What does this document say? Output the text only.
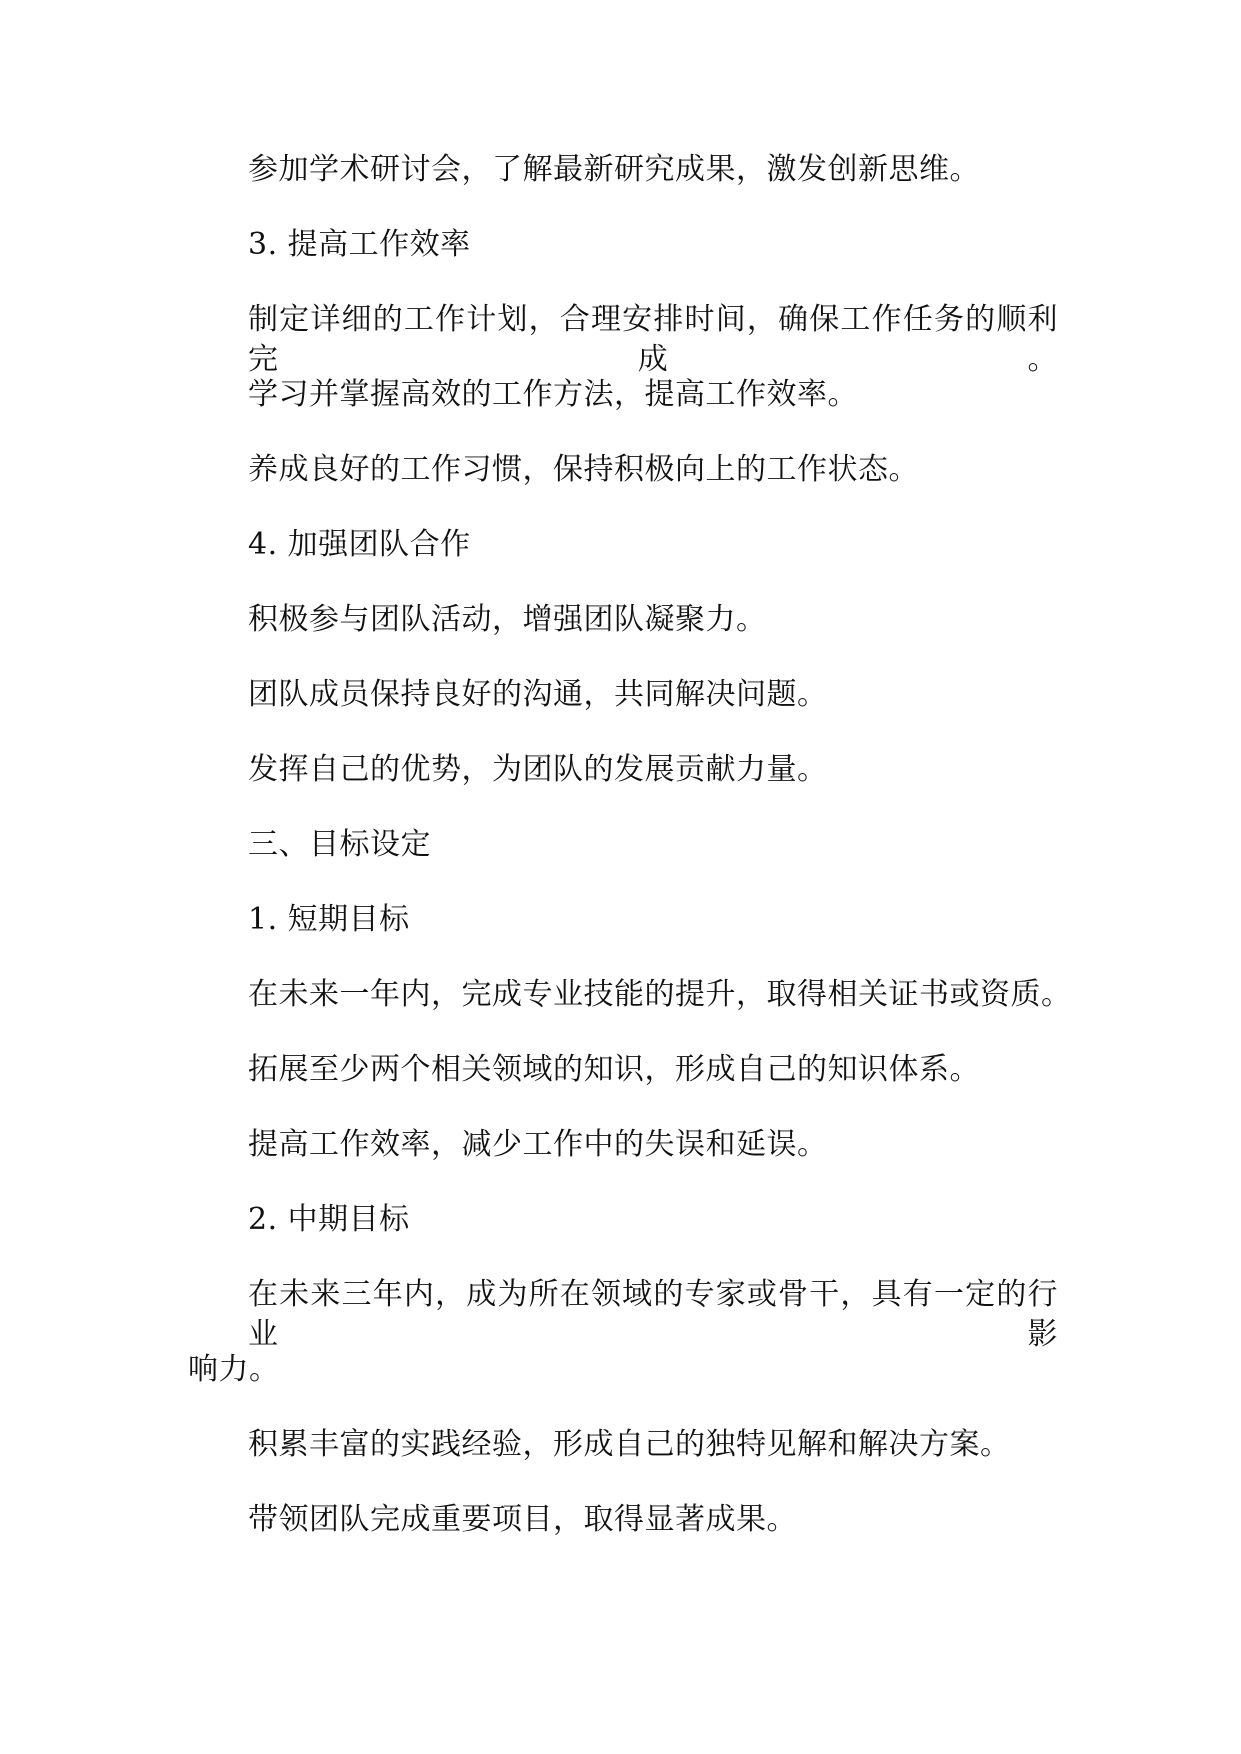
参加学术研讨会，了解最新研究成果，激发创新思维。
3. 提高工作效率
制定详细的工作计划，合理安排时间，确保工作任务的顺利完成。
学习并掌握高效的工作方法，提高工作效率。
养成良好的工作习惯，保持积极向上的工作状态。
4. 加强团队合作
积极参与团队活动，增强团队凝聚力。
团队成员保持良好的沟通，共同解决问题。
发挥自己的优势，为团队的发展贡献力量。
三、目标设定
1. 短期目标
在未来一年内，完成专业技能的提升，取得相关证书或资质。
拓展至少两个相关领域的知识，形成自己的知识体系。
提高工作效率，减少工作中的失误和延误。
2. 中期目标
在未来三年内，成为所在领域的专家或骨干，具有一定的行业影
响力。
积累丰富的实践经验，形成自己的独特见解和解决方案。
带领团队完成重要项目，取得显著成果。
